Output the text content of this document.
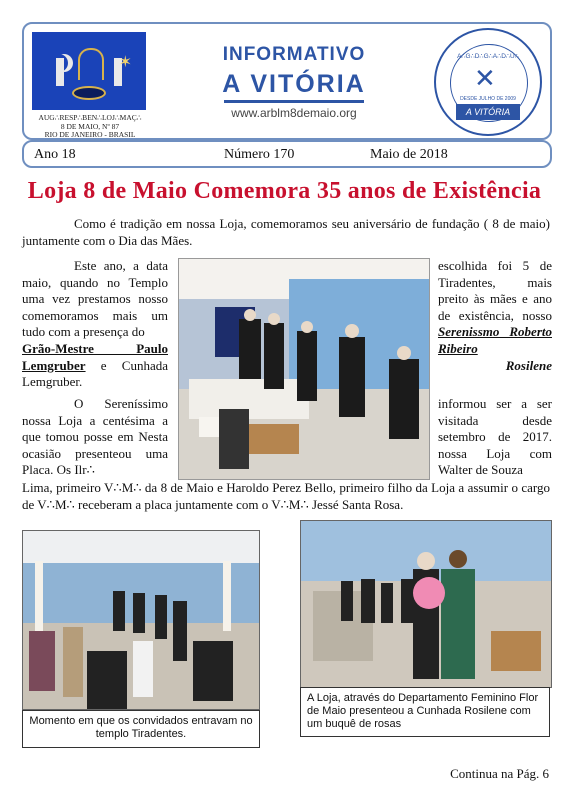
✶
AUG∴RESP∴BEN∴LOJ∴MAÇ∴
8 DE MAIO, Nº 87
RIO DE JANEIRO - BRASIL
INFORMATIVO
A VITÓRIA
www.arblm8demaio.org
A∴G∴D∴G∴A∴D∴U∴
✕
DESDE JULHO DE 2009
A VITÓRIA
Ano 18	Número 170	Maio de 2018
Loja 8 de Maio Comemora 35 anos de Existência
Como é tradição em nossa Loja, comemoramos seu aniversário de fundação ( 8 de maio) juntamente com o Dia das Mães.
Este ano, a data maio, quando no Templo uma vez prestamos nosso comemoramos mais um tudo com a presença do
Grão-Mestre Paulo Lemgruber e Cunhada Lemgruber.
escolhida foi 5 de Tiradentes, mais preito às mães e ano de existência, nosso Serenissmo Roberto Ribeiro
Rosilene
O Sereníssimo nossa Loja a centésima a que tomou posse em Nesta ocasião presenteou uma Placa. Os Ilr∴
informou ser a ser visitada desde setembro de 2017. nossa Loja com Walter de Souza
Lima, primeiro V∴M∴ da 8 de Maio e Haroldo Perez Bello, primeiro filho da Loja a assumir o cargo de V∴M∴ receberam a placa juntamente com o V∴M∴ Jessé Santa Rosa.
Momento em que os convidados entravam no templo Tiradentes.
A Loja, através do Departamento Feminino Flor de Maio presenteou a Cunhada Rosilene com um buquê de rosas
Continua na Pág. 6
